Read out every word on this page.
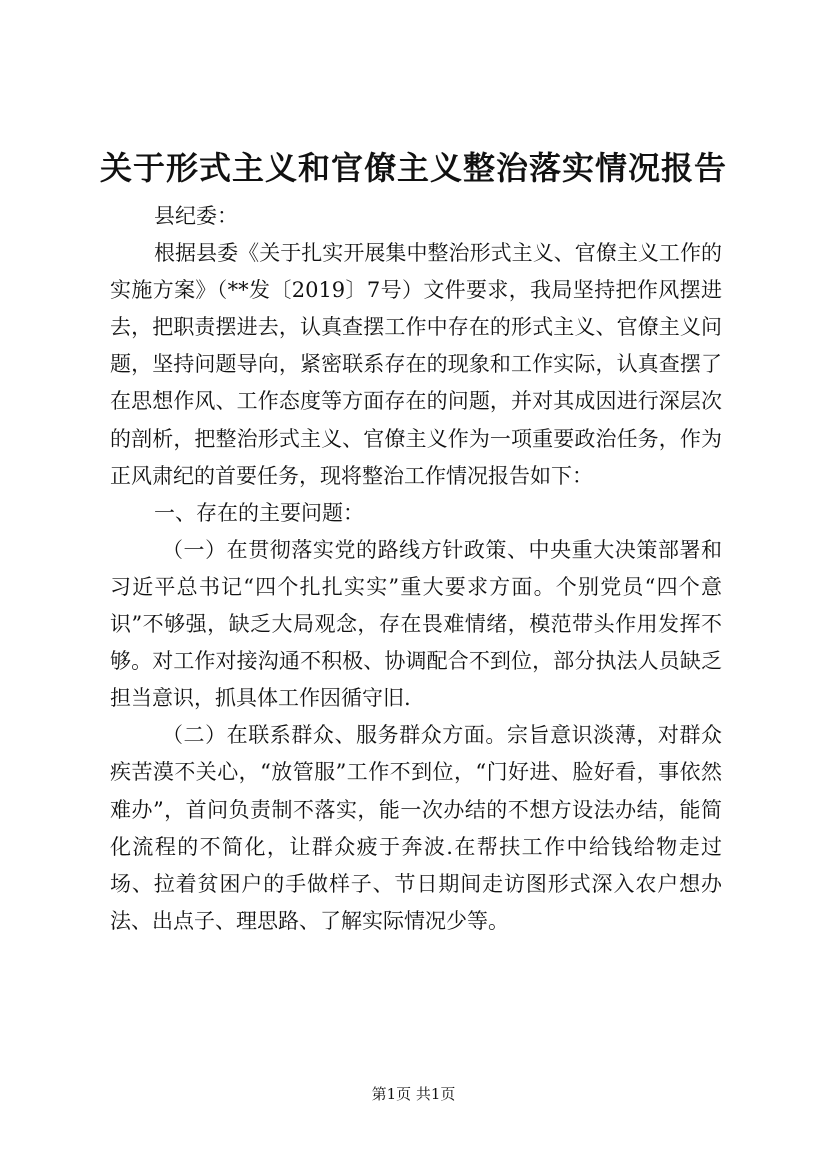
关于形式主义和官僚主义整治落实情况报告

县纪委：

根据县委《关于扎实开展集中整治形式主义、官僚主义工作的实施方案》（**发〔2019〕7号）文件要求，我局坚持把作风摆进去，把职责摆进去，认真查摆工作中存在的形式主义、官僚主义问题，坚持问题导向，紧密联系存在的现象和工作实际，认真查摆了在思想作风、工作态度等方面存在的问题，并对其成因进行深层次的剖析，把整治形式主义、官僚主义作为一项重要政治任务，作为正风肃纪的首要任务，现将整治工作情况报告如下：

一、存在的主要问题：

（一）在贯彻落实党的路线方针政策、中央重大决策部署和习近平总书记“四个扎扎实实”重大要求方面。个别党员“四个意识”不够强，缺乏大局观念，存在畏难情绪，模范带头作用发挥不够。对工作对接沟通不积极、协调配合不到位，部分执法人员缺乏担当意识，抓具体工作因循守旧.

（二）在联系群众、服务群众方面。宗旨意识淡薄，对群众疾苦漠不关心，“放管服”工作不到位，“门好进、脸好看，事依然难办”，首问负责制不落实，能一次办结的不想方设法办结，能简化流程的不简化，让群众疲于奔波.在帮扶工作中给钱给物走过场、拉着贫困户的手做样子、节日期间走访图形式深入农户想办法、出点子、理思路、了解实际情况少等。

第1页 共1页
